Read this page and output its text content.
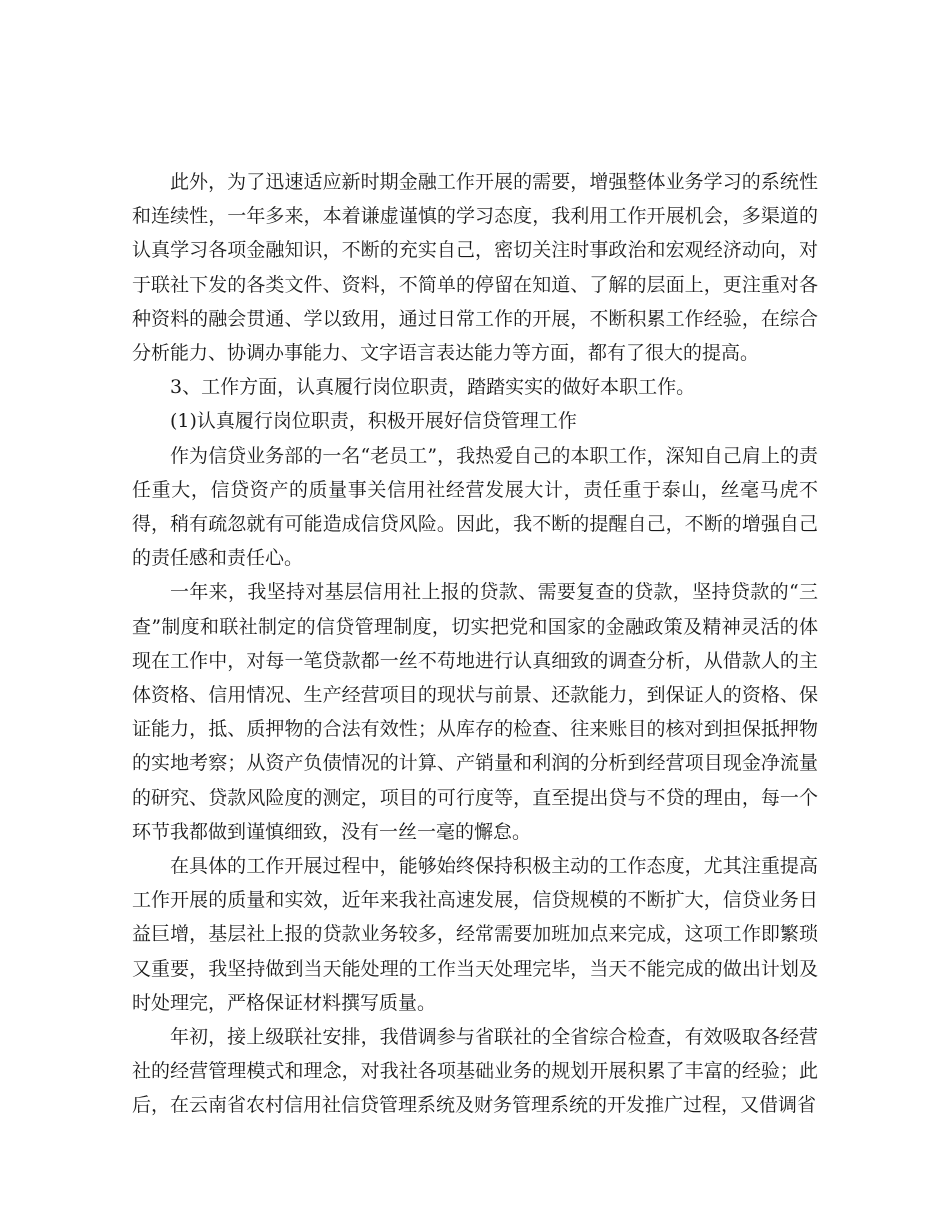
此外，为了迅速适应新时期金融工作开展的需要，增强整体业务学习的系统性和连续性，一年多来，本着谦虚谨慎的学习态度，我利用工作开展机会，多渠道的认真学习各项金融知识，不断的充实自己，密切关注时事政治和宏观经济动向，对于联社下发的各类文件、资料，不简单的停留在知道、了解的层面上，更注重对各种资料的融会贯通、学以致用，通过日常工作的开展，不断积累工作经验，在综合分析能力、协调办事能力、文字语言表达能力等方面，都有了很大的提高。

3、工作方面，认真履行岗位职责，踏踏实实的做好本职工作。

(1)认真履行岗位职责，积极开展好信贷管理工作

作为信贷业务部的一名“老员工”，我热爱自己的本职工作，深知自己肩上的责任重大，信贷资产的质量事关信用社经营发展大计，责任重于泰山，丝毫马虎不得，稍有疏忽就有可能造成信贷风险。因此，我不断的提醒自己，不断的增强自己的责任感和责任心。

一年来，我坚持对基层信用社上报的贷款、需要复查的贷款，坚持贷款的“三查”制度和联社制定的信贷管理制度，切实把党和国家的金融政策及精神灵活的体现在工作中，对每一笔贷款都一丝不苟地进行认真细致的调查分析，从借款人的主体资格、信用情况、生产经营项目的现状与前景、还款能力，到保证人的资格、保证能力，抵、质押物的合法有效性；从库存的检查、往来账目的核对到担保抵押物的实地考察；从资产负债情况的计算、产销量和利润的分析到经营项目现金净流量的研究、贷款风险度的测定，项目的可行度等，直至提出贷与不贷的理由，每一个环节我都做到谨慎细致，没有一丝一毫的懈怠。

在具体的工作开展过程中，能够始终保持积极主动的工作态度，尤其注重提高工作开展的质量和实效，近年来我社高速发展，信贷规模的不断扩大，信贷业务日益巨增，基层社上报的贷款业务较多，经常需要加班加点来完成，这项工作即繁琐又重要，我坚持做到当天能处理的工作当天处理完毕，当天不能完成的做出计划及时处理完，严格保证材料撰写质量。

年初，接上级联社安排，我借调参与省联社的全省综合检查，有效吸取各经营社的经营管理模式和理念，对我社各项基础业务的规划开展积累了丰富的经验；此后，在云南省农村信用社信贷管理系统及财务管理系统的开发推广过程，又借调省
